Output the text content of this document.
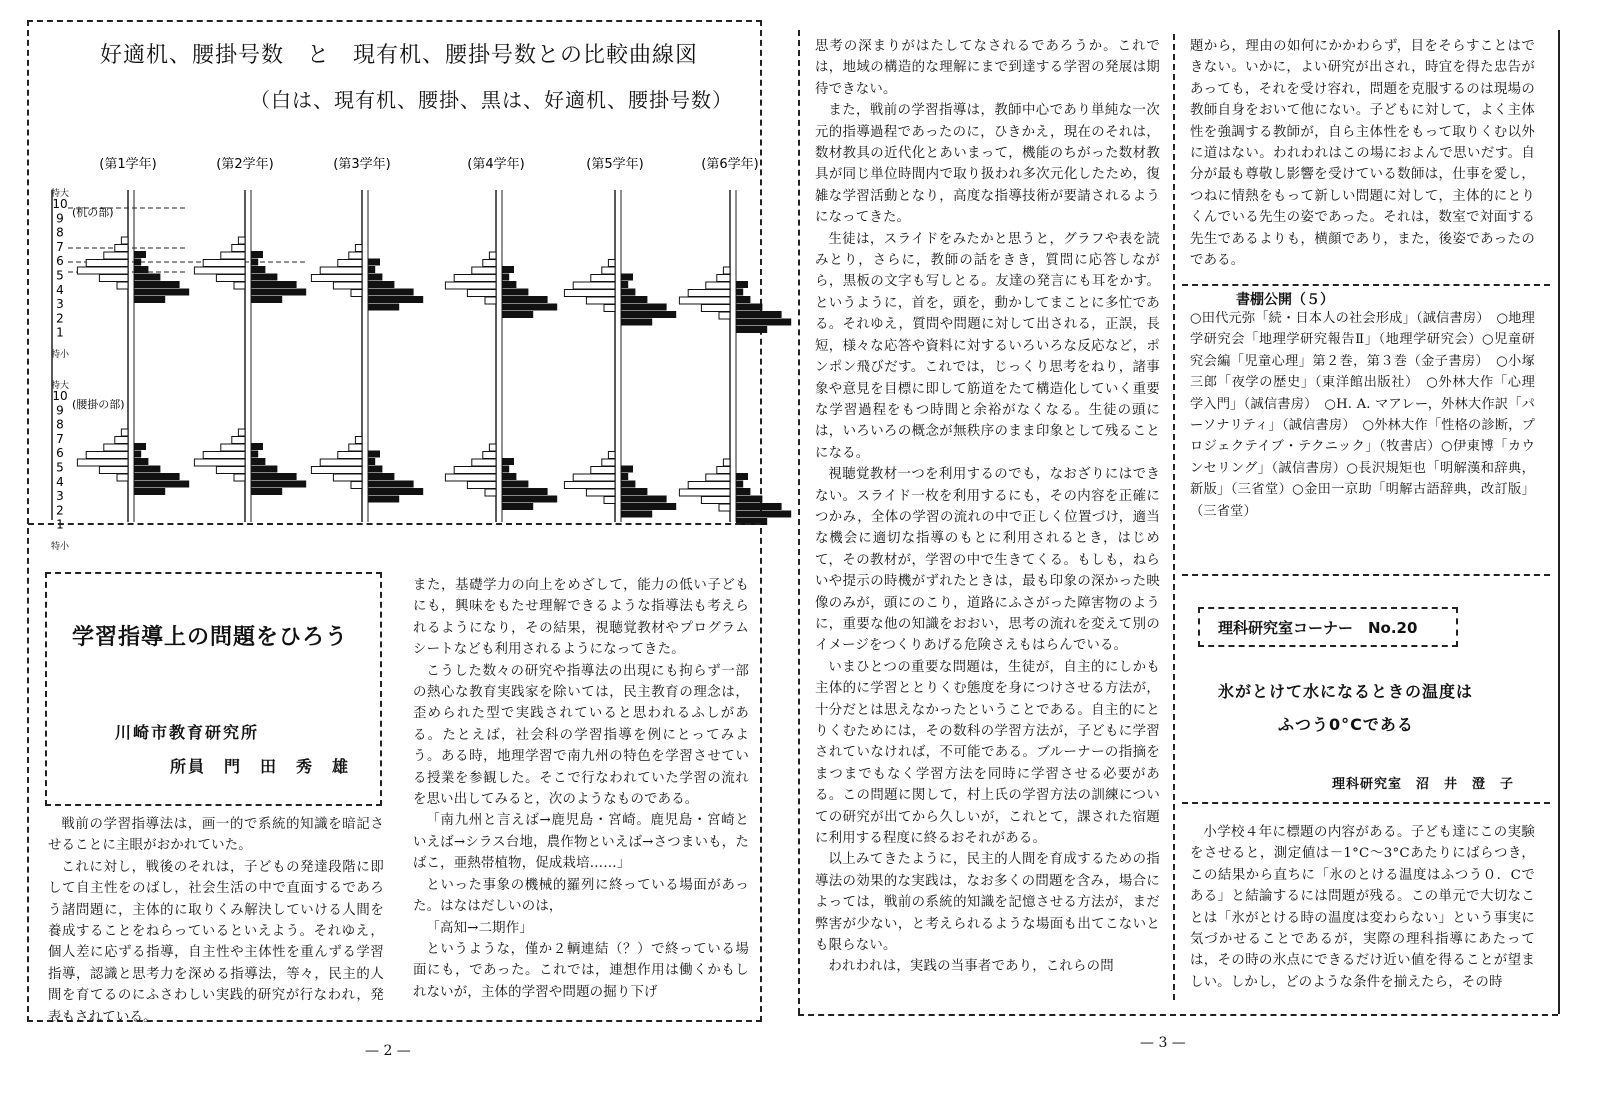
好適机、腰掛号数　と　現有机、腰掛号数との比較曲線図
（白は、現有机、腰掛、黒は、好適机、腰掛号数）
(第1学年)	(第2学年)	(第3学年)	(第4学年)	(第5学年)	(第6学年)
特大
10
9
8
7
6
5
4
3
2
1
特小
(机の部)
特大
10
9
8
7
6
5
4
3
2
1
特小
(腰掛の部)
学習指導上の問題をひろう
川崎市教育研究所
所員　門　田　秀　雄

戦前の学習指導法は，画一的で系統的知識を暗記させることに主眼がおかれていた。

これに対し，戦後のそれは，子どもの発達段階に即して自主性をのばし，社会生活の中で直面するであろう諸問題に，主体的に取りくみ解決していける人間を養成することをねらっているといえよう。それゆえ，個人差に応ずる指導，自主性や主体性を重んずる学習指導，認識と思考力を深める指導法，等々，民主的人間を育てるのにふさわしい実践的研究が行なわれ，発表もされている。

また，基礎学力の向上をめざして，能力の低い子どもにも，興味をもたせ理解できるような指導法も考えられるようになり，その結果，視聴覚教材やプログラムシートなども利用されるようになってきた。

こうした数々の研究や指導法の出現にも拘らず一部の熱心な教育実践家を除いては，民主教育の理念は，歪められた型で実践されていると思われるふしがある。たとえば，社会科の学習指導を例にとってみよう。ある時，地理学習で南九州の特色を学習させている授業を参観した。そこで行なわれていた学習の流れを思い出してみると，次のようなものである。

「南九州と言えば→鹿児島・宮崎。鹿児島・宮崎といえば→シラス台地，農作物といえば→さつまいも，たばこ，亜熱帯植物，促成栽培……」

といった事象の機械的羅列に終っている場面があった。はなはだしいのは，

「高知→二期作」

というような，僅か２輌連結（？）で終っている場面にも，であった。これでは，連想作用は働くかもしれないが，主体的学習や問題の掘り下げ

— 2 —

思考の深まりがはたしてなされるであろうか。これでは，地域の構造的な理解にまで到達する学習の発展は期待できない。

また，戦前の学習指導は，教師中心であり単純な一次元的指導過程であったのに，ひきかえ，現在のそれは，数材教具の近代化とあいまって，機能のちがった数材教具が同じ単位時間内で取り扱われ多次元化したため，復雑な学習活動となり，高度な指導技術が要請されるようになってきた。

生徒は，スライドをみたかと思うと，グラフや表を読みとり，さらに，教師の話をきき，質問に応答しながら，黒板の文字も写しとる。友達の発言にも耳をかす。というように，首を，頭を，動かしてまことに多忙である。それゆえ，質問や問題に対して出される，正誤，長短，様々な応答や資料に対するいろいろな反応など，ポンポン飛びだす。これでは，じっくり思考をねり，諸事象や意見を目標に即して筋道をたて構造化していく重要な学習過程をもつ時間と余裕がなくなる。生徒の頭には，いろいろの概念が無秩序のまま印象として残ることになる。

視聴覚教材一つを利用するのでも，なおざりにはできない。スライド一枚を利用するにも，その内容を正確につかみ，全体の学習の流れの中で正しく位置づけ，適当な機会に適切な指導のもとに利用されるとき，はじめて，その教材が，学習の中で生きてくる。もしも，ねらいや提示の時機がずれたときは，最も印象の深かった映像のみが，頭にのこり，道路にふさがった障害物のように，重要な他の知識をおおい，思考の流れを変えて別のイメージをつくりあげる危険さえもはらんでいる。

いまひとつの重要な問題は，生徒が，自主的にしかも主体的に学習ととりくむ態度を身につけさせる方法が，十分だとは思えなかったということである。自主的にとりくむためには，その数科の学習方法が，子どもに学習されていなければ，不可能である。ブルーナーの指摘をまつまでもなく学習方法を同時に学習させる必要がある。この問題に関して，村上氏の学習方法の訓練についての研究が出てから久しいが，これとて，課された宿題に利用する程度に終るおそれがある。

以上みてきたように，民主的人間を育成するための指導法の効果的な実践は，なお多くの問題を含み，場合によっては，戦前の系統的知識を記憶させる方法が，まだ弊害が少ない，と考えられるような場面も出てこないとも限らない。

われわれは，実践の当事者であり，これらの問

題から，理由の如何にかかわらず，目をそらすことはできない。いかに，よい研究が出され，時宜を得た忠告があっても，それを受け容れ，問題を克服するのは現場の教師自身をおいて他にない。子どもに対して，よく主体性を強調する教師が，自ら主体性をもって取りくむ以外に道はない。われわれはこの場におよんで思いだす。自分が最も尊敬し影響を受けている数師は，仕事を愛し，つねに情熱をもって新しい問題に対して，主体的にとりくんでいる先生の姿であった。それは，数室で対面する先生であるよりも，横顔であり，また，後姿であったのである。

書棚公開（５）
○田代元弥「続・日本人の社会形成」（誠信書房）　○地理学研究会「地理学研究報告Ⅱ」（地理学研究会）○児童研究会編「児童心理」第２巻，第３巻（金子書房）　○小塚三郎「夜学の歴史」（東洋館出版社）　○外林大作「心理学入門」（誠信書房）　○H. A. マアレー，外林大作訳「パーソナリティ」（誠信書房）　○外林大作「性格の診断，プロジェクテイブ・テクニック」（牧書店）○伊東博「カウンセリング」（誠信書房）○長沢規矩也「明解漢和辞典，新版」（三省堂）○金田一京助「明解古語辞典，改訂版」（三省堂）
理科研究室コーナー　No.20
氷がとけて水になるときの温度は
ふつう0°Cである
理科研究室　沼　井　澄　子
小学校４年に標題の内容がある。子ども達にこの実験をさせると，測定値は－1°C～3°Cあたりにばらつき，この結果から直ちに「氷のとける温度はふつう０．Cである」と結論するには問題が残る。この単元で大切なことは「氷がとける時の温度は変わらない」という事実に気づかせることであるが，実際の理科指導にあたっては，その時の氷点にできるだけ近い値を得ることが望ましい。しかし，どのような条件を揃えたら，その時
— 3 —
